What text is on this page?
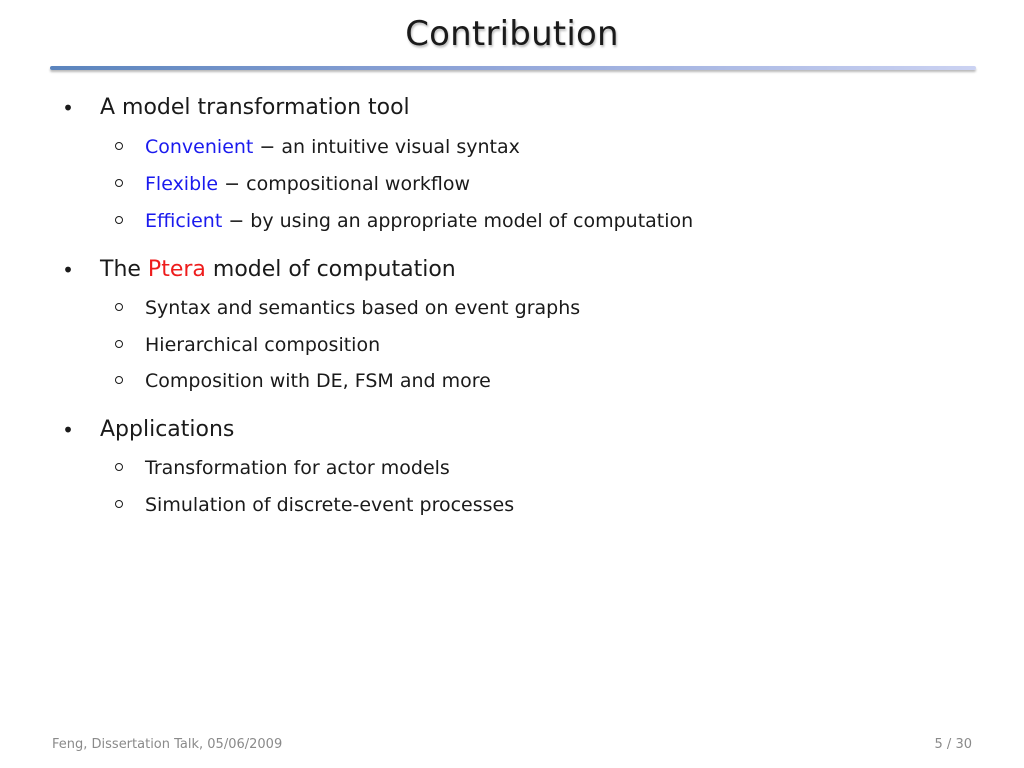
Contribution
• A model transformation tool
Convenient − an intuitive visual syntax
Flexible − compositional workflow
Efficient − by using an appropriate model of computation
• The Ptera model of computation
Syntax and semantics based on event graphs
Hierarchical composition
Composition with DE, FSM and more
• Applications
Transformation for actor models
Simulation of discrete-event processes
Feng, Dissertation Talk, 05/06/2009	5 / 30
